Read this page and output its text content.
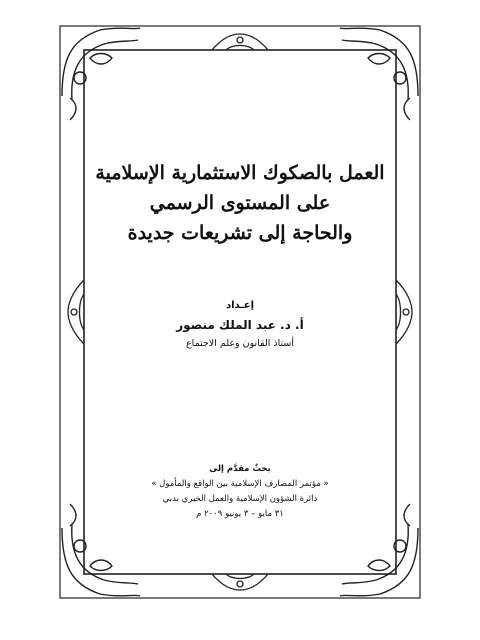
العمل بالصكوك الاستثمارية الإسلامية
على المستوى الرسمي
والحاجة إلى تشريعات جديدة
إعـداد
أ. د. عبد الملك منصور
أستاذ القانون وعلم الاجتماع
بحثٌ مقدَّم إلى
« مؤتمر المصارف الإسلامية بين الواقع والمأمول »
دائرة الشؤون الإسلامية والعمل الخيري بدبي
٣١ مايو – ٣ يونيو ٢٠٠٩ م
